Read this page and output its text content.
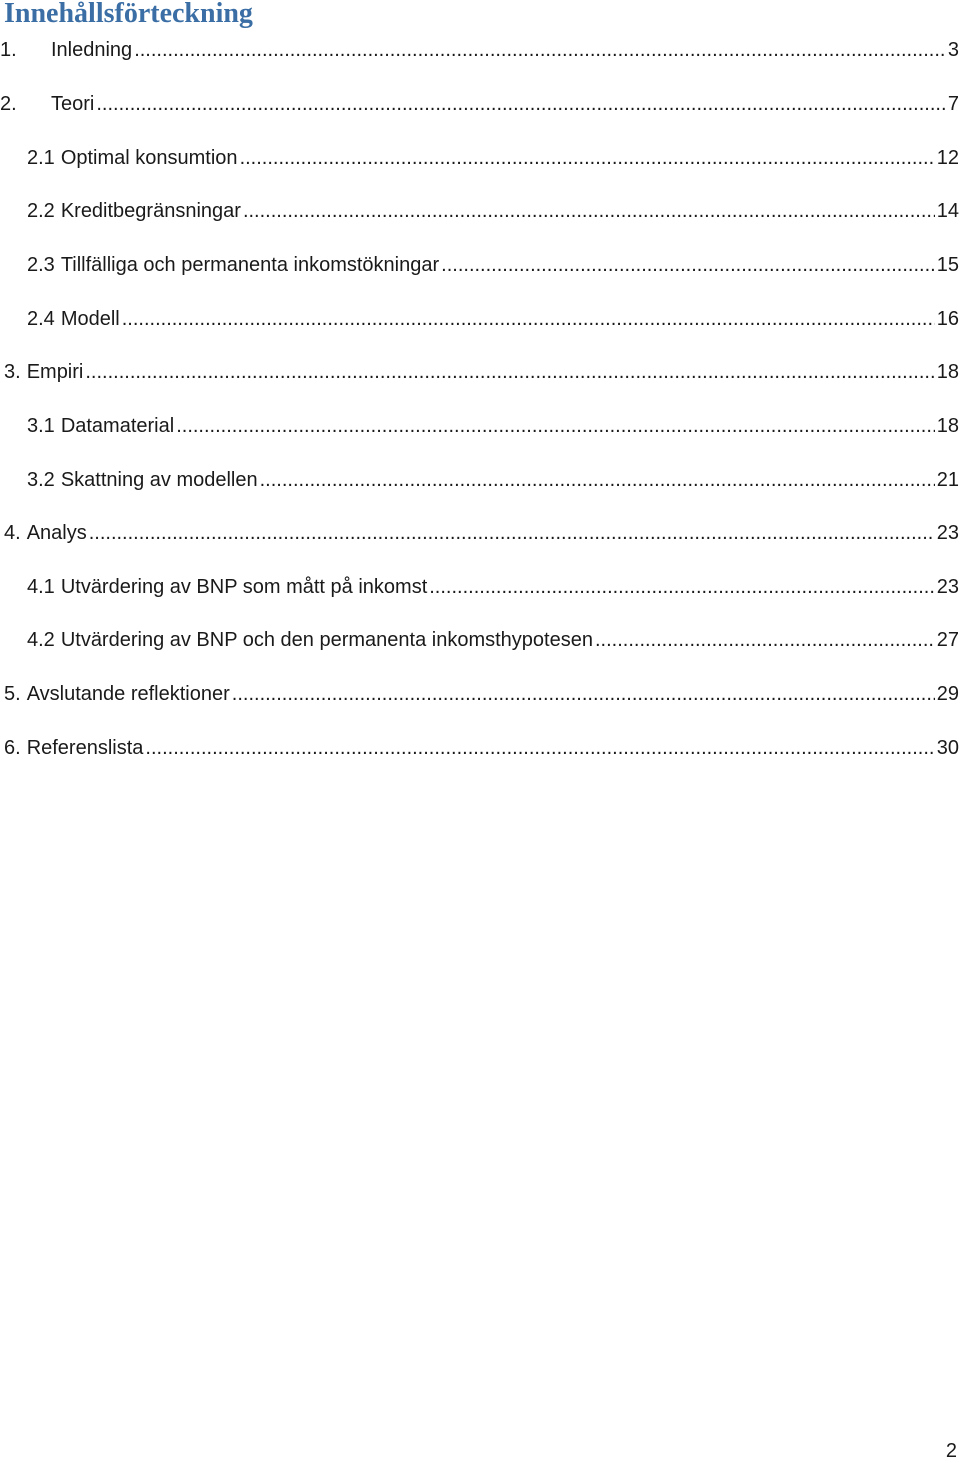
Innehållsförteckning
1.	Inledning .....	3
2.	Teori .....	7
2.1 Optimal konsumtion .....	12
2.2 Kreditbegränsningar .....	14
2.3 Tillfälliga och permanenta inkomstökningar .....	15
2.4 Modell .....	16
3. Empiri .....	18
3.1 Datamaterial .....	18
3.2 Skattning av modellen .....	21
4. Analys .....	23
4.1 Utvärdering av BNP som mått på inkomst .....	23
4.2 Utvärdering av BNP och den permanenta inkomsthypotesen .....	27
5. Avslutande reflektioner .....	29
6. Referenslista .....	30
2
